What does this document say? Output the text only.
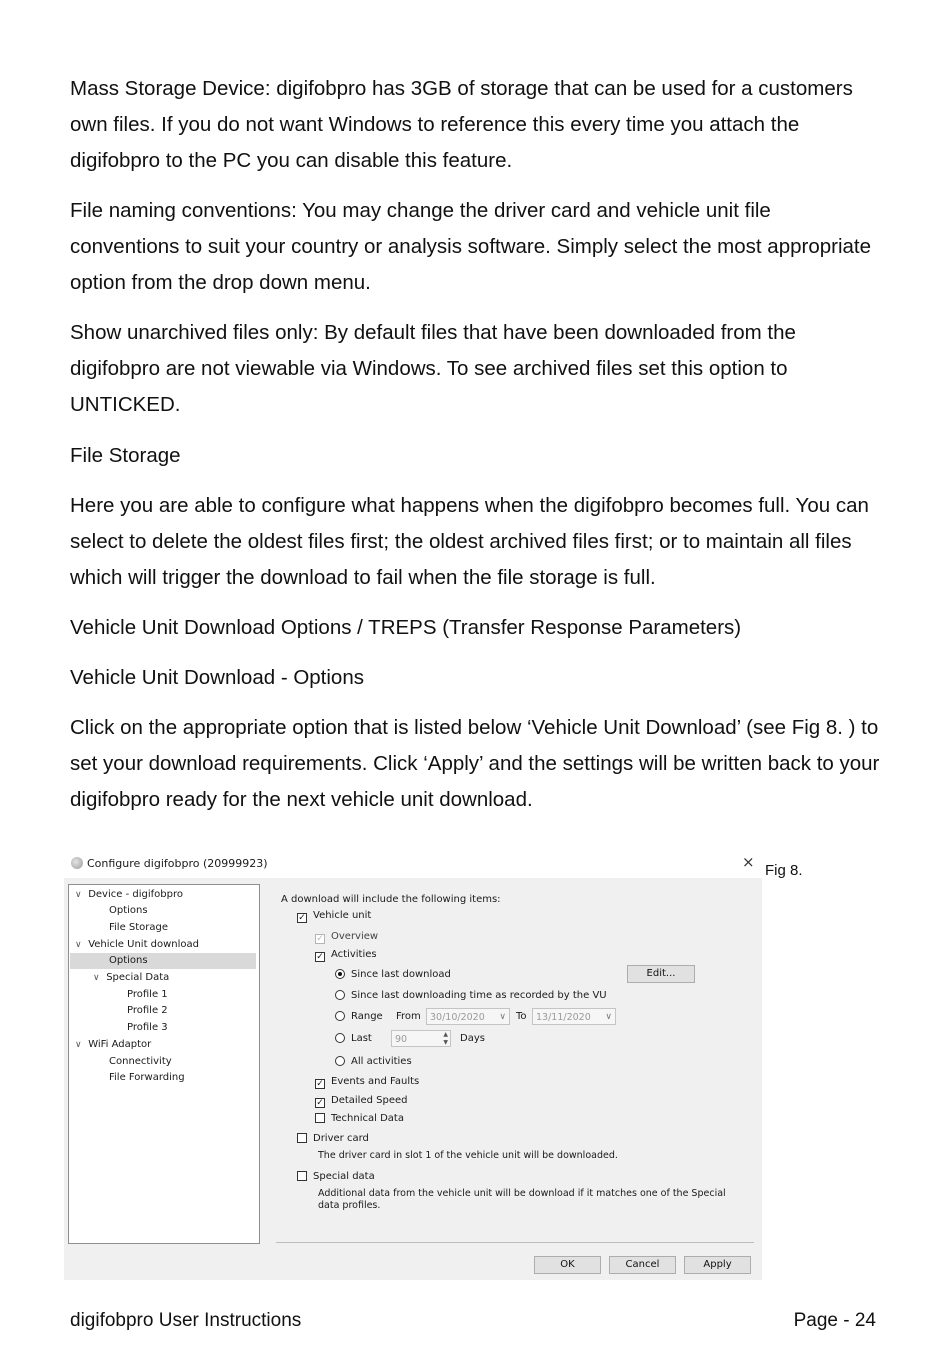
Mass Storage Device: digifobpro has 3GB of storage that can be used for a customers own files. If you do not want Windows to reference this every time you attach the digifobpro to the PC you can disable this feature.

File naming conventions: You may change the driver card and vehicle unit file conventions to suit your country or analysis software. Simply select the most appropriate option from the drop down menu.

Show unarchived files only: By default files that have been downloaded from the digifobpro are not viewable via Windows. To see archived files set this option to UNTICKED.

File Storage

Here you are able to configure what happens when the digifobpro becomes full. You can select to delete the oldest files first; the oldest archived files first; or to maintain all files which will trigger the download to fail when the file storage is full.

Vehicle Unit Download Options / TREPS (Transfer Response Parameters)
Vehicle Unit Download - Options

Click on the appropriate option that is listed below ‘Vehicle Unit Download’ (see Fig 8. ) to set your download requirements. Click ‘Apply’ and the settings will be written back to your digifobpro ready for the next vehicle unit download.

Configure digifobpro (20999923)
∨ Device - digifobpro
Options
File Storage
∨ Vehicle Unit download
Options
∨ Special Data
Profile 1
Profile 2
Profile 3
∨ WiFi Adaptor
Connectivity
File Forwarding
A download will include the following items:
✓ Vehicle unit
✓ Overview
✓ Activities
Since last download	Edit...
Since last downloading time as recorded by the VU
Range From 30/10/2020 ∨ To 13/11/2020 ∨
Last	90	▲
▼ Days
All activities
✓ Events and Faults
✓ Detailed Speed
Technical Data
Driver card
The driver card in slot 1 of the vehicle unit will be downloaded.
Special data
Additional data from the vehicle unit will be download if it matches one of the Special
data profiles.
OK	Cancel	Apply
× Fig 8.
digifobpro User Instructions	Page - 24
